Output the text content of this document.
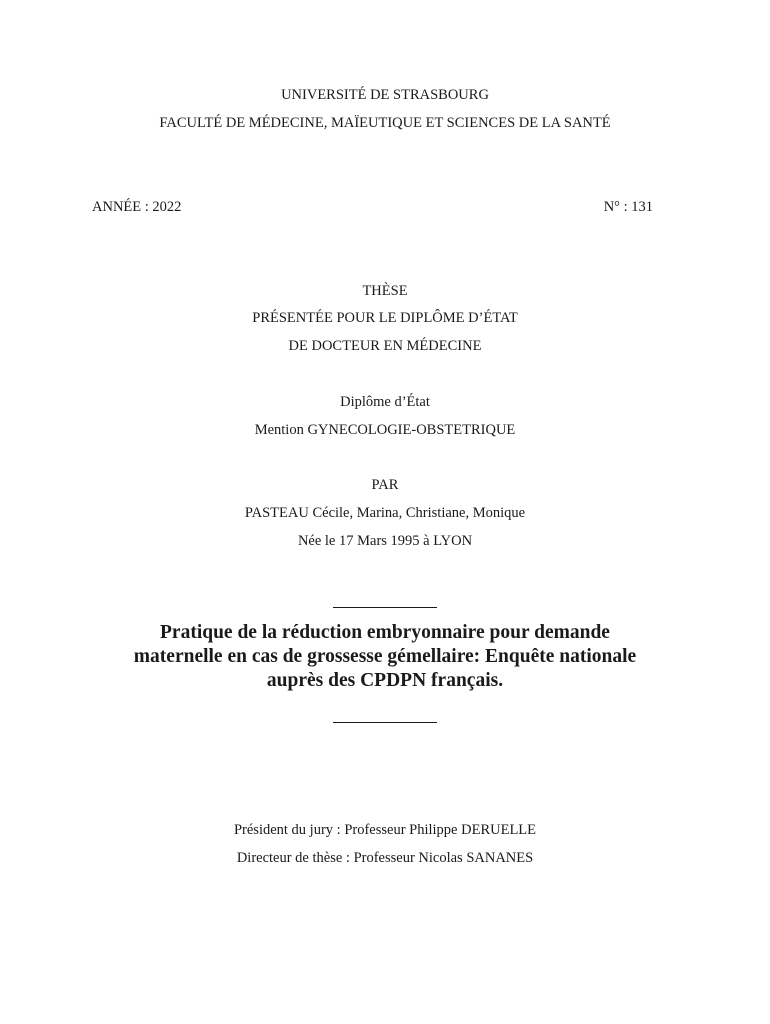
UNIVERSITÉ DE STRASBOURG
FACULTÉ DE MÉDECINE, MAÏEUTIQUE ET SCIENCES DE LA SANTÉ
ANNÉE : 2022	N° : 131
THÈSE
PRÉSENTÉE POUR LE DIPLÔME D’ÉTAT
DE DOCTEUR EN MÉDECINE
Diplôme d’État
Mention GYNECOLOGIE-OBSTETRIQUE
PAR
PASTEAU Cécile, Marina, Christiane, Monique
Née le 17 Mars 1995 à LYON
Pratique de la réduction embryonnaire pour demande
maternelle en cas de grossesse gémellaire: Enquête nationale
auprès des CPDPN français.
Président du jury : Professeur Philippe DERUELLE
Directeur de thèse : Professeur Nicolas SANANES
